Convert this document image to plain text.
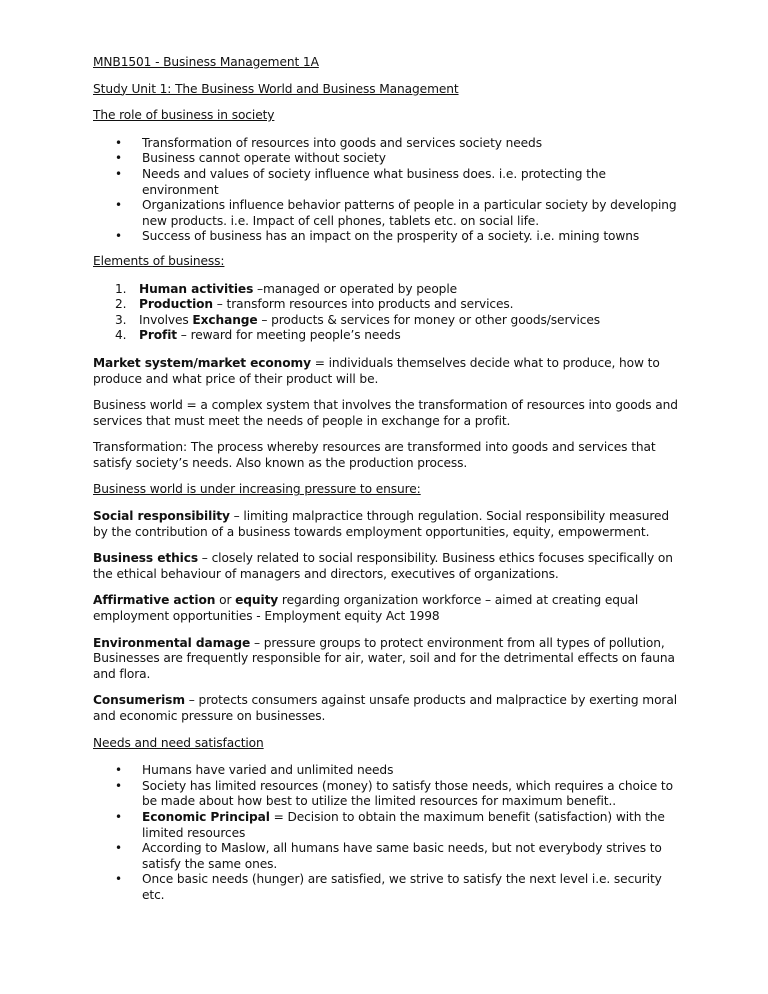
MNB1501 - Business Management 1A

Study Unit 1: The Business World and Business Management

The role of business in society

• Transformation of resources into goods and services society needs
• Business cannot operate without society
• Needs and values of society influence what business does. i.e. protecting the environment
• Organizations influence behavior patterns of people in a particular society by developing new products. i.e. Impact of cell phones, tablets etc. on social life.
• Success of business has an impact on the prosperity of a society. i.e. mining towns

Elements of business:

1. Human activities –managed or operated by people
2. Production – transform resources into products and services.
3. Involves Exchange – products & services for money or other goods/services
4. Profit – reward for meeting people’s needs

Market system/market economy = individuals themselves decide what to produce, how to produce and what price of their product will be.

Business world = a complex system that involves the transformation of resources into goods and services that must meet the needs of people in exchange for a profit.

Transformation: The process whereby resources are transformed into goods and services that satisfy society’s needs. Also known as the production process.

Business world is under increasing pressure to ensure:

Social responsibility – limiting malpractice through regulation. Social responsibility measured by the contribution of a business towards employment opportunities, equity, empowerment.

Business ethics – closely related to social responsibility. Business ethics focuses specifically on the ethical behaviour of managers and directors, executives of organizations.

Affirmative action or equity regarding organization workforce – aimed at creating equal employment opportunities - Employment equity Act 1998

Environmental damage – pressure groups to protect environment from all types of pollution, Businesses are frequently responsible for air, water, soil and for the detrimental effects on fauna and flora.

Consumerism – protects consumers against unsafe products and malpractice by exerting moral and economic pressure on businesses.

Needs and need satisfaction

• Humans have varied and unlimited needs
• Society has limited resources (money) to satisfy those needs, which requires a choice to be made about how best to utilize the limited resources for maximum benefit..
• Economic Principal = Decision to obtain the maximum benefit (satisfaction) with the limited resources
• According to Maslow, all humans have same basic needs, but not everybody strives to satisfy the same ones.
• Once basic needs (hunger) are satisfied, we strive to satisfy the next level i.e. security etc.
